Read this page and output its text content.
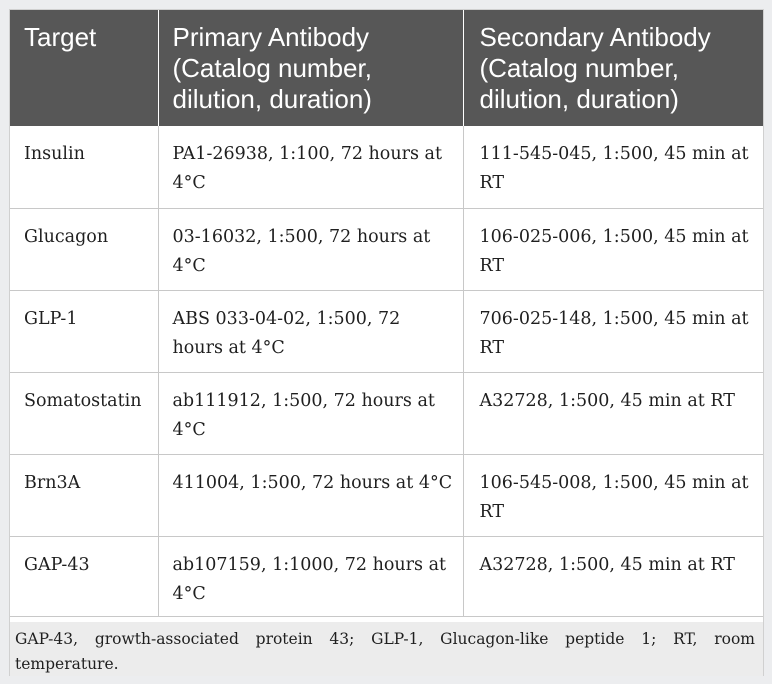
Target	Primary Antibody (Catalog number, dilution, duration)	Secondary Antibody (Catalog number, dilution, duration)
Insulin	PA1-26938, 1:100, 72 hours at 4°C	111-545-045, 1:500, 45 min at RT
Glucagon	03-16032, 1:500, 72 hours at 4°C	106-025-006, 1:500, 45 min at RT
GLP-1	ABS 033-04-02, 1:500, 72 hours at 4°C	706-025-148, 1:500, 45 min at RT
Somatostatin	ab111912, 1:500, 72 hours at 4°C	A32728, 1:500, 45 min at RT
Brn3A	411004, 1:500, 72 hours at 4°C	106-545-008, 1:500, 45 min at RT
GAP-43	ab107159, 1:1000, 72 hours at 4°C	A32728, 1:500, 45 min at RT
GAP-43, growth-associated protein 43; GLP-1, Glucagon-like peptide 1; RT, room temperature.
